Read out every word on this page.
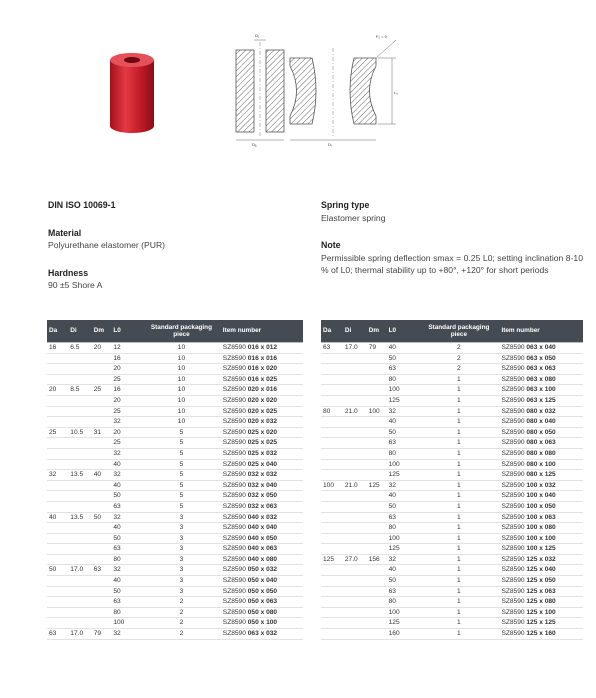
D₁
Dₐ	Dᵢ
F₀ = 0
L₀
DIN ISO 10069-1
Material
Polyurethane elastomer (PUR)
Hardness
90 ±5 Shore A
Spring type
Elastomer spring
Note
Permissible spring deflection smax = 0.25 L0; setting inclination 8-10 % of L0; thermal stability up to +80°, +120° for short periods
Da	Di	Dm	L0	Standard packaging piece	Item number
16	6.5	20	12	10	SZ8590 016 x 012
			16	10	SZ8590 016 x 016
			20	10	SZ8590 016 x 020
			25	10	SZ8590 016 x 025
20	8.5	25	16	10	SZ8590 020 x 016
			20	10	SZ8590 020 x 020
			25	10	SZ8590 020 x 025
			32	10	SZ8590 020 x 032
25	10.5	31	20	5	SZ8590 025 x 020
			25	5	SZ8590 025 x 025
			32	5	SZ8590 025 x 032
			40	5	SZ8590 025 x 040
32	13.5	40	32	5	SZ8590 032 x 032
			40	5	SZ8590 032 x 040
			50	5	SZ8590 032 x 050
			63	5	SZ8590 032 x 063
40	13.5	50	32	3	SZ8590 040 x 032
			40	3	SZ8590 040 x 040
			50	3	SZ8590 040 x 050
			63	3	SZ8590 040 x 063
			80	3	SZ8590 040 x 080
50	17.0	63	32	3	SZ8590 050 x 032
			40	3	SZ8590 050 x 040
			50	3	SZ8590 050 x 050
			63	2	SZ8590 050 x 063
			80	2	SZ8590 050 x 080
			100	2	SZ8590 050 x 100
63	17.0	79	32	2	SZ8590 063 x 032
Da	Di	Dm	L0	Standard packaging piece	Item number
63	17.0	79	40	2	SZ8590 063 x 040
			50	2	SZ8590 063 x 050
			63	2	SZ8590 063 x 063
			80	1	SZ8590 063 x 080
			100	1	SZ8590 063 x 100
			125	1	SZ8590 063 x 125
80	21.0	100	32	1	SZ8590 080 x 032
			40	1	SZ8590 080 x 040
			50	1	SZ8590 080 x 050
			63	1	SZ8590 080 x 063
			80	1	SZ8590 080 x 080
			100	1	SZ8590 080 x 100
			125	1	SZ8590 080 x 125
100	21.0	125	32	1	SZ8590 100 x 032
			40	1	SZ8590 100 x 040
			50	1	SZ8590 100 x 050
			63	1	SZ8590 100 x 063
			80	1	SZ8590 100 x 080
			100	1	SZ8590 100 x 100
			125	1	SZ8590 100 x 125
125	27.0	156	32	1	SZ8590 125 x 032
			40	1	SZ8590 125 x 040
			50	1	SZ8590 125 x 050
			63	1	SZ8590 125 x 063
			80	1	SZ8590 125 x 080
			100	1	SZ8590 125 x 100
			125	1	SZ8590 125 x 125
			160	1	SZ8590 125 x 160
